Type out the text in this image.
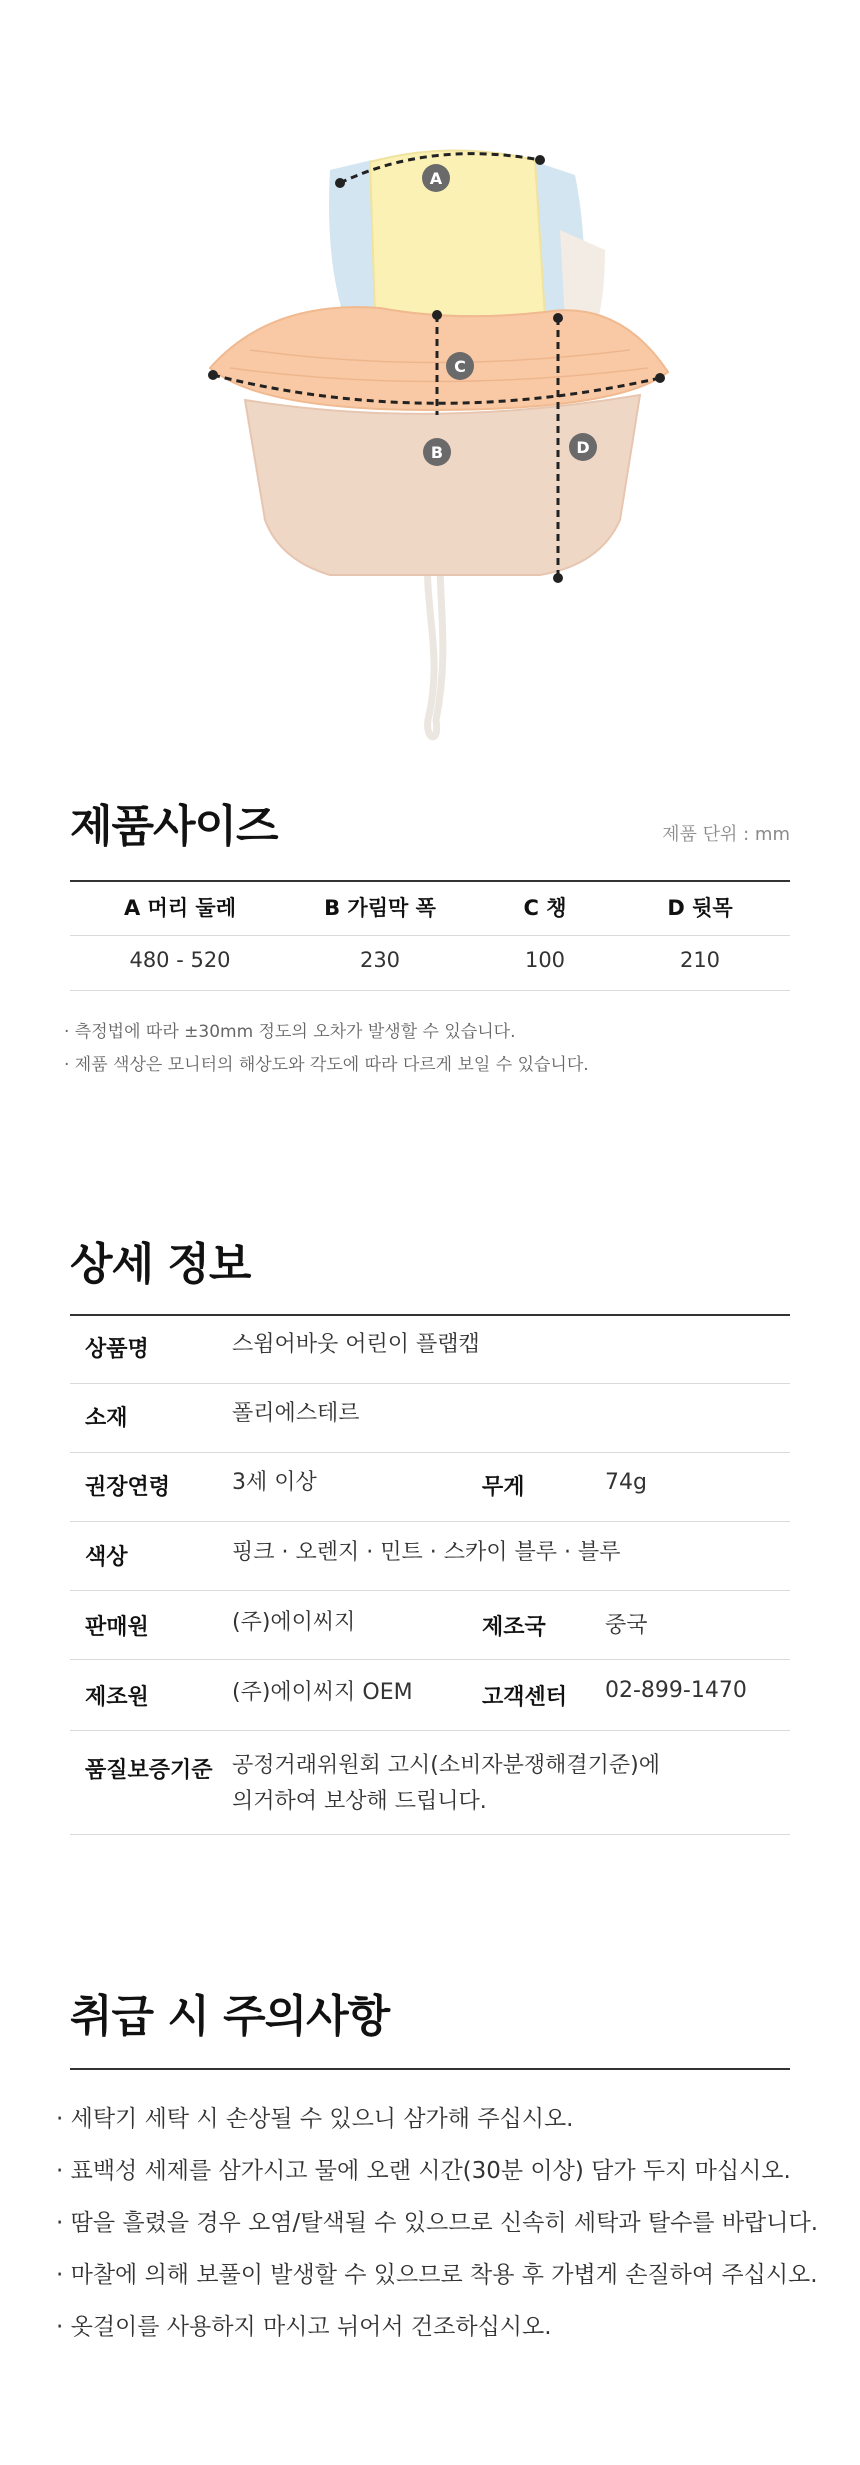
A
C
B	D
제품사이즈	제품 단위 : mm
A 머리 둘레	B 가림막 폭	C 챙	D 뒷목
480 - 520	230	100	210
· 측정법에 따라 ±30mm 정도의 오차가 발생할 수 있습니다.
· 제품 색상은 모니터의 해상도와 각도에 따라 다르게 보일 수 있습니다.
상세 정보
상품명	스윔어바웃 어린이 플랩캡
소재	폴리에스테르
권장연령	3세 이상	무게	74g
색상	핑크 · 오렌지 · 민트 · 스카이 블루 · 블루
판매원	(주)에이씨지	제조국	중국
제조원	(주)에이씨지 OEM	고객센터 02-899-1470
품질보증기준 공정거래위원회 고시(소비자분쟁해결기준)에
의거하여 보상해 드립니다.
취급 시 주의사항
· 세탁기 세탁 시 손상될 수 있으니 삼가해 주십시오.
· 표백성 세제를 삼가시고 물에 오랜 시간(30분 이상) 담가 두지 마십시오.
· 땀을 흘렸을 경우 오염/탈색될 수 있으므로 신속히 세탁과 탈수를 바랍니다.
· 마찰에 의해 보풀이 발생할 수 있으므로 착용 후 가볍게 손질하여 주십시오.
· 옷걸이를 사용하지 마시고 뉘어서 건조하십시오.
